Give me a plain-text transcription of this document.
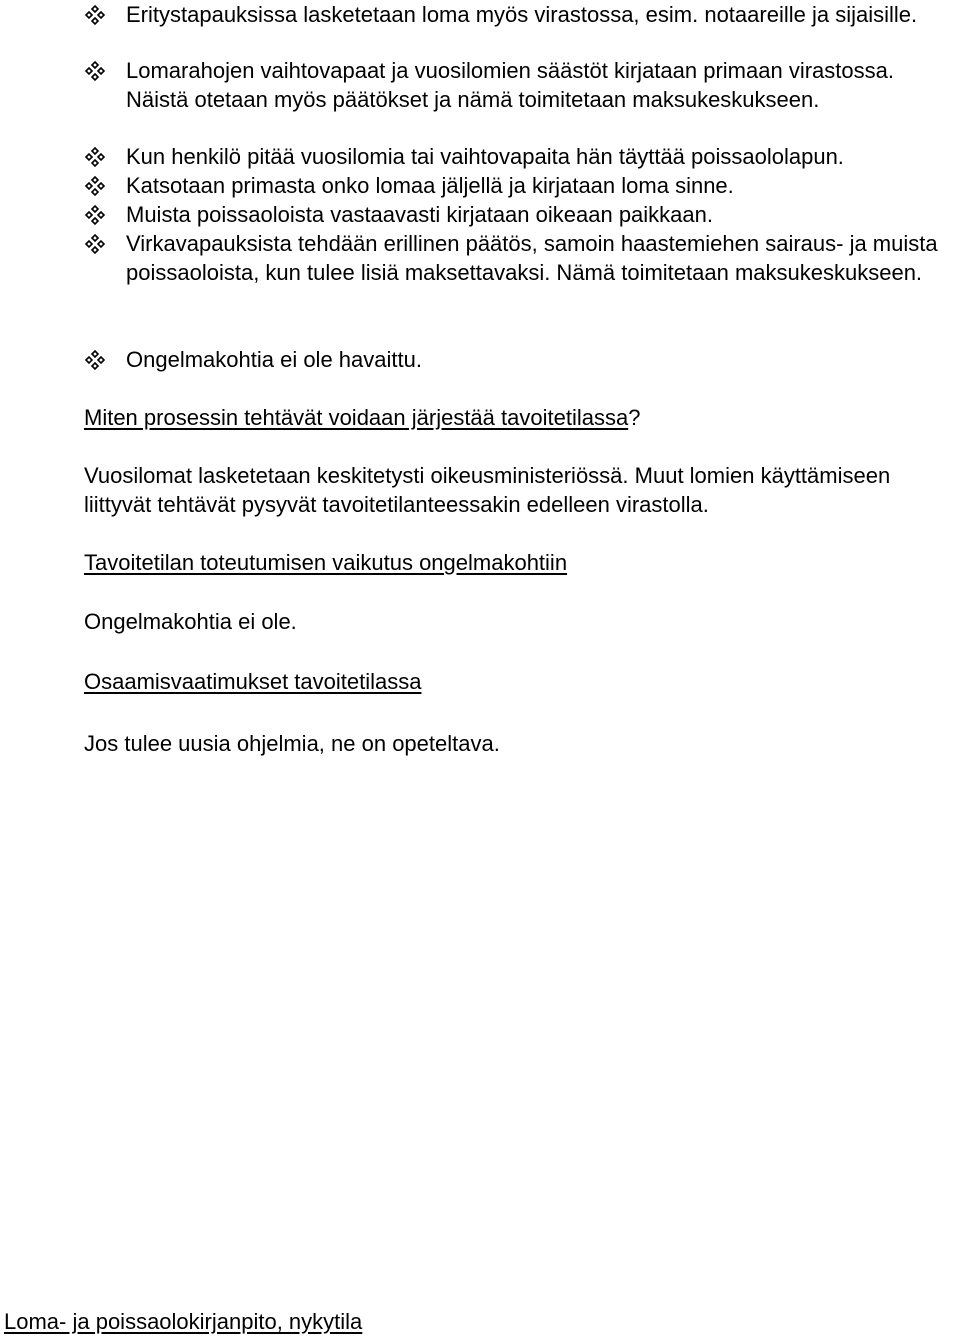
Eritystapauksissa lasketetaan loma myös virastossa, esim. notaareille ja sijaisille.
Lomarahojen vaihtovapaat ja vuosilomien säästöt kirjataan primaan virastossa. Näistä otetaan myös päätökset ja nämä toimitetaan maksukeskukseen.
Kun henkilö pitää vuosilomia tai vaihtovapaita hän täyttää poissaololapun.
Katsotaan primasta onko lomaa jäljellä ja kirjataan loma sinne.
Muista poissaoloista vastaavasti kirjataan oikeaan paikkaan.
Virkavapauksista tehdään erillinen päätös, samoin haastemiehen sairaus- ja muista poissaoloista, kun tulee lisiä maksettavaksi. Nämä toimitetaan maksukeskukseen.
Ongelmakohtia ei ole havaittu.
Miten prosessin tehtävät voidaan järjestää tavoitetilassa?
Vuosilomat lasketetaan keskitetysti oikeusministeriössä. Muut lomien käyttämiseen liittyvät tehtävät pysyvät tavoitetilanteessakin edelleen virastolla.
Tavoitetilan toteutumisen vaikutus ongelmakohtiin
Ongelmakohtia ei ole.
Osaamisvaatimukset tavoitetilassa
Jos tulee uusia ohjelmia, ne on opeteltava.
Loma- ja poissaolokirjanpito, nykytila
